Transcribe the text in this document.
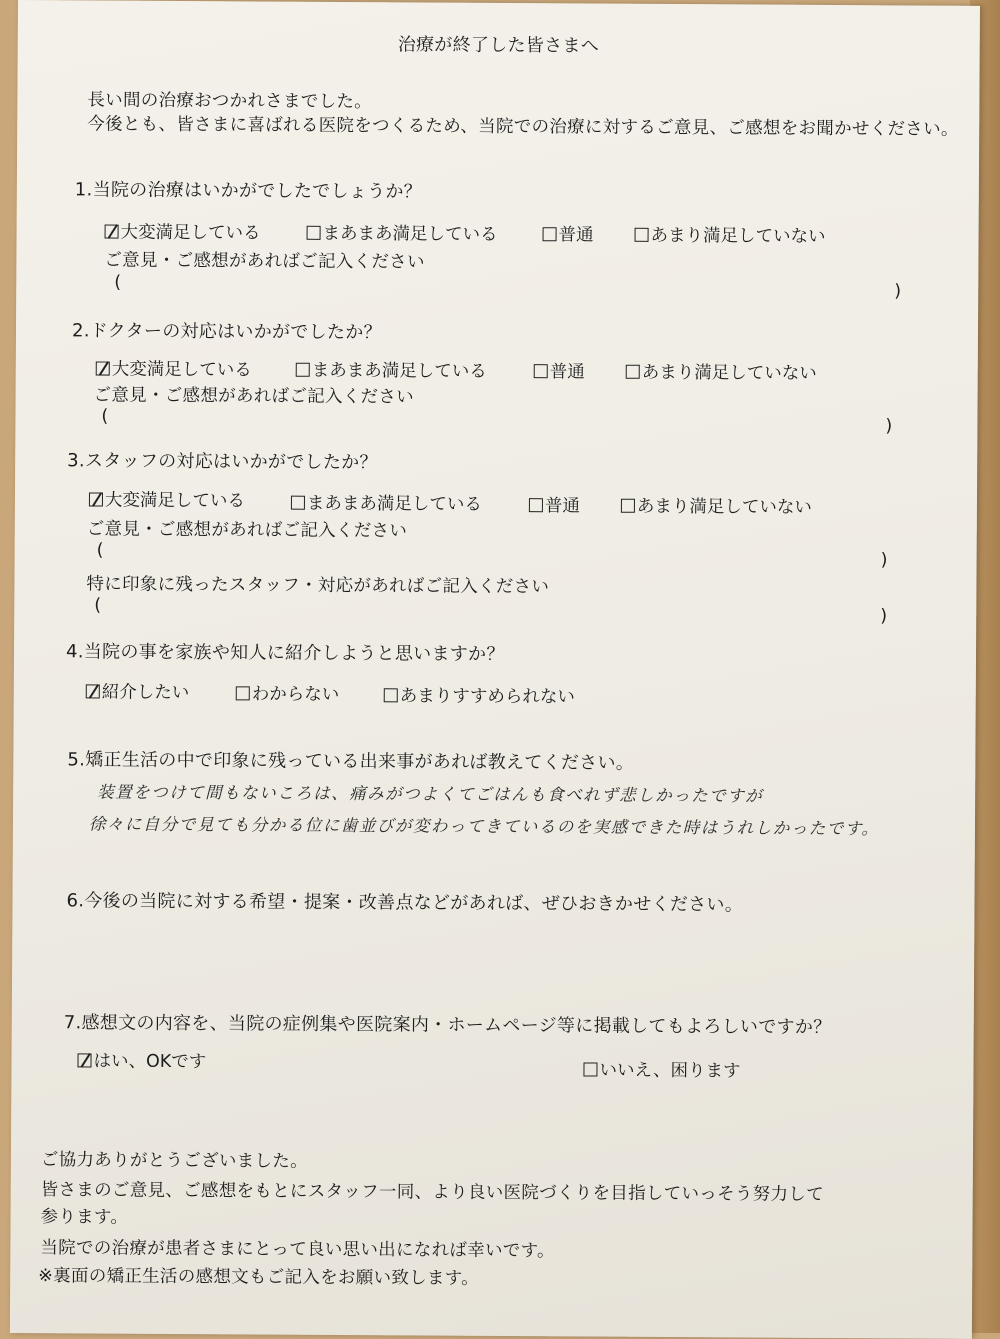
治療が終了した皆さまへ
長い間の治療おつかれさまでした。
今後とも、皆さまに喜ばれる医院をつくるため、当院での治療に対するご意見、ご感想をお聞かせください。
1.当院の治療はいかがでしたでしょうか？
大変満足している	まあまあ満足している	普通	あまり満足していない
ご意見・ご感想があればご記入ください
(	)
2.ドクターの対応はいかがでしたか？
大変満足している	まあまあ満足している	普通	あまり満足していない
ご意見・ご感想があればご記入ください
(	)
3.スタッフの対応はいかがでしたか？
大変満足している	まあまあ満足している	普通	あまり満足していない
ご意見・ご感想があればご記入ください
(	)
特に印象に残ったスタッフ・対応があればご記入ください
(
)
4.当院の事を家族や知人に紹介しようと思いますか？
紹介したい	わからない	あまりすすめられない
5.矯正生活の中で印象に残っている出来事があれば教えてください。
装置をつけて間もないころは、痛みがつよくてごはんも食べれず悲しかったですが
徐々に自分で見ても分かる位に歯並びが変わってきているのを実感できた時はうれしかったです。
6.今後の当院に対する希望・提案・改善点などがあれば、ぜひおきかせください。
7.感想文の内容を、当院の症例集や医院案内・ホームページ等に掲載してもよろしいですか？
はい、OKです	いいえ、困ります
ご協力ありがとうございました。
皆さまのご意見、ご感想をもとにスタッフ一同、より良い医院づくりを目指していっそう努力して
参ります。
当院での治療が患者さまにとって良い思い出になれば幸いです。
※裏面の矯正生活の感想文もご記入をお願い致します。
